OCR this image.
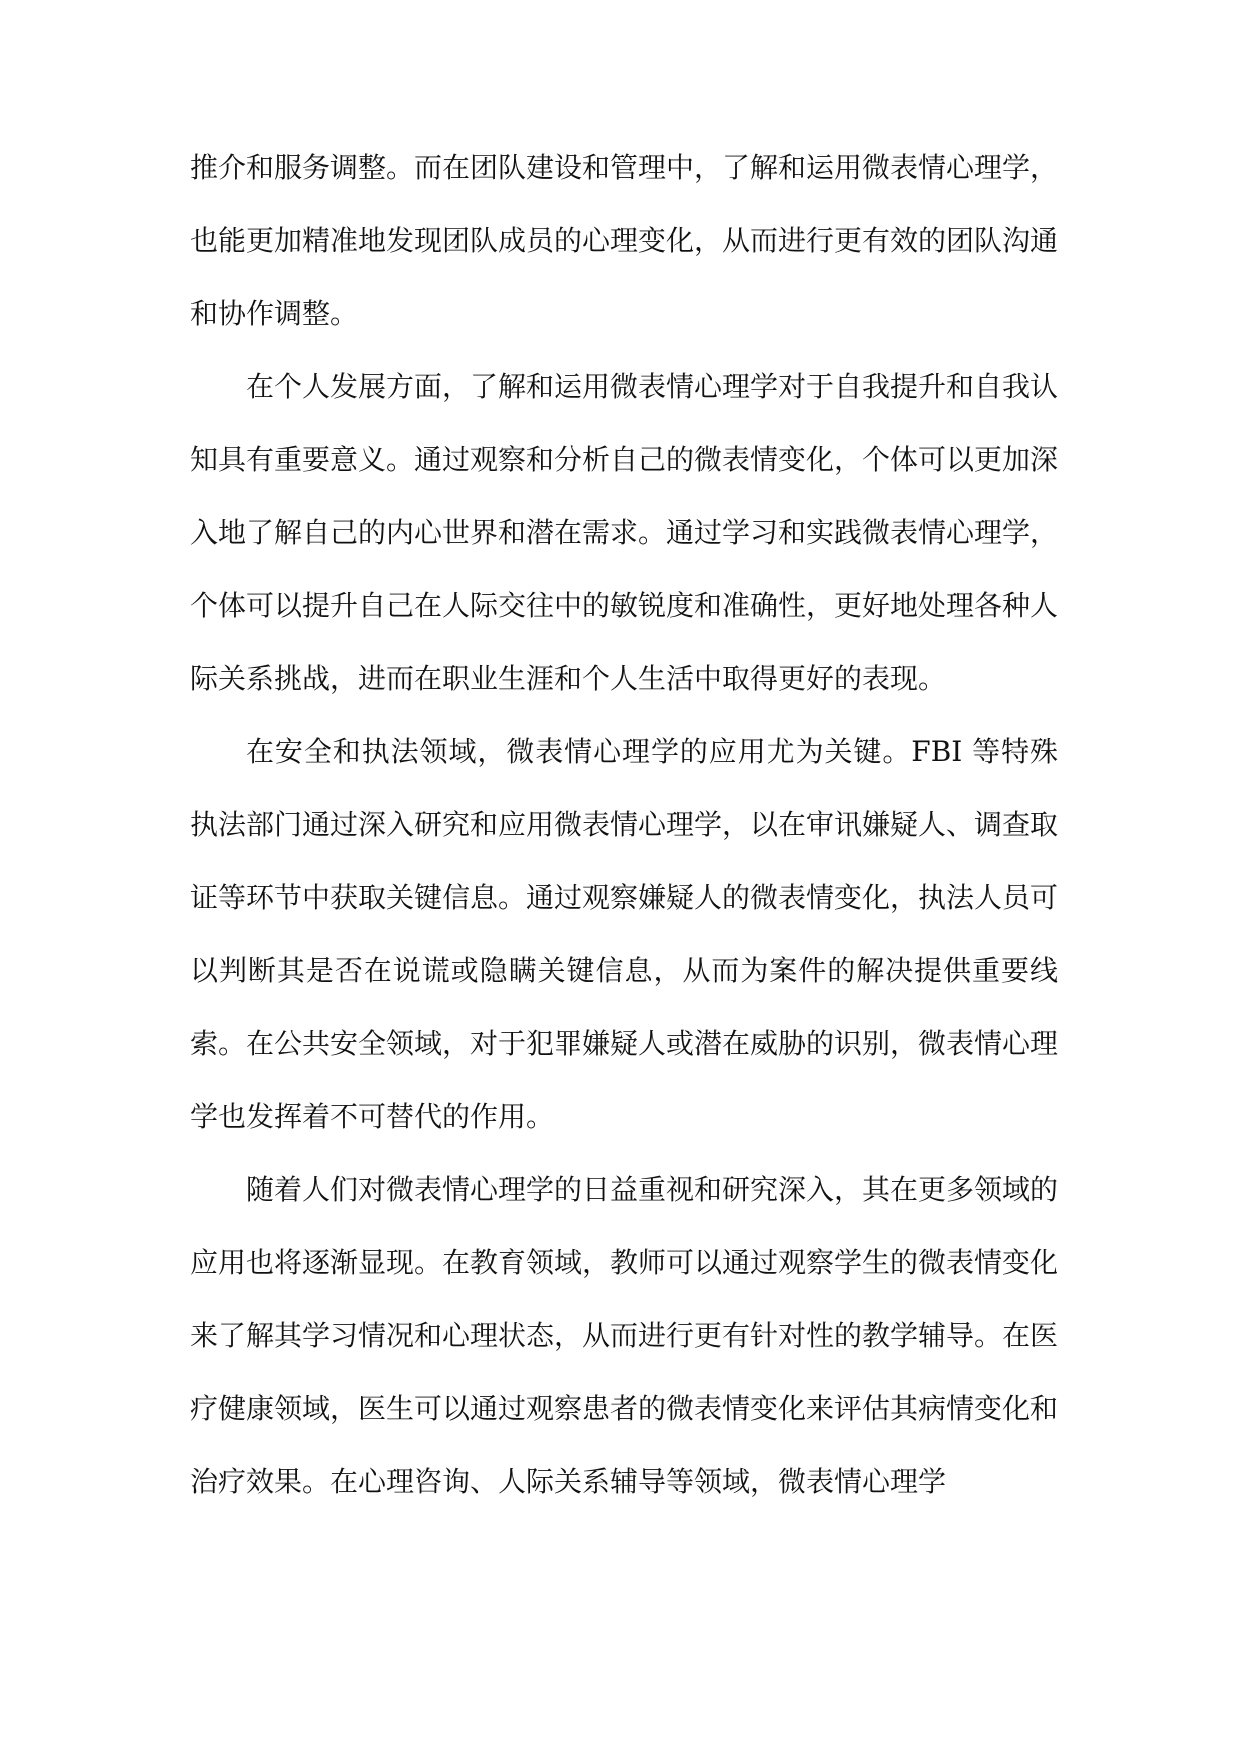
推介和服务调整。而在团队建设和管理中，了解和运用微表情心理学，也能更加精准地发现团队成员的心理变化，从而进行更有效的团队沟通和协作调整。

在个人发展方面，了解和运用微表情心理学对于自我提升和自我认知具有重要意义。通过观察和分析自己的微表情变化，个体可以更加深入地了解自己的内心世界和潜在需求。通过学习和实践微表情心理学，个体可以提升自己在人际交往中的敏锐度和准确性，更好地处理各种人际关系挑战，进而在职业生涯和个人生活中取得更好的表现。

在安全和执法领域，微表情心理学的应用尤为关键。FBI 等特殊执法部门通过深入研究和应用微表情心理学，以在审讯嫌疑人、调查取证等环节中获取关键信息。通过观察嫌疑人的微表情变化，执法人员可以判断其是否在说谎或隐瞒关键信息，从而为案件的解决提供重要线索。在公共安全领域，对于犯罪嫌疑人或潜在威胁的识别，微表情心理学也发挥着不可替代的作用。

随着人们对微表情心理学的日益重视和研究深入，其在更多领域的应用也将逐渐显现。在教育领域，教师可以通过观察学生的微表情变化来了解其学习情况和心理状态，从而进行更有针对性的教学辅导。在医疗健康领域，医生可以通过观察患者的微表情变化来评估其病情变化和治疗效果。在心理咨询、人际关系辅导等领域，微表情心理学
